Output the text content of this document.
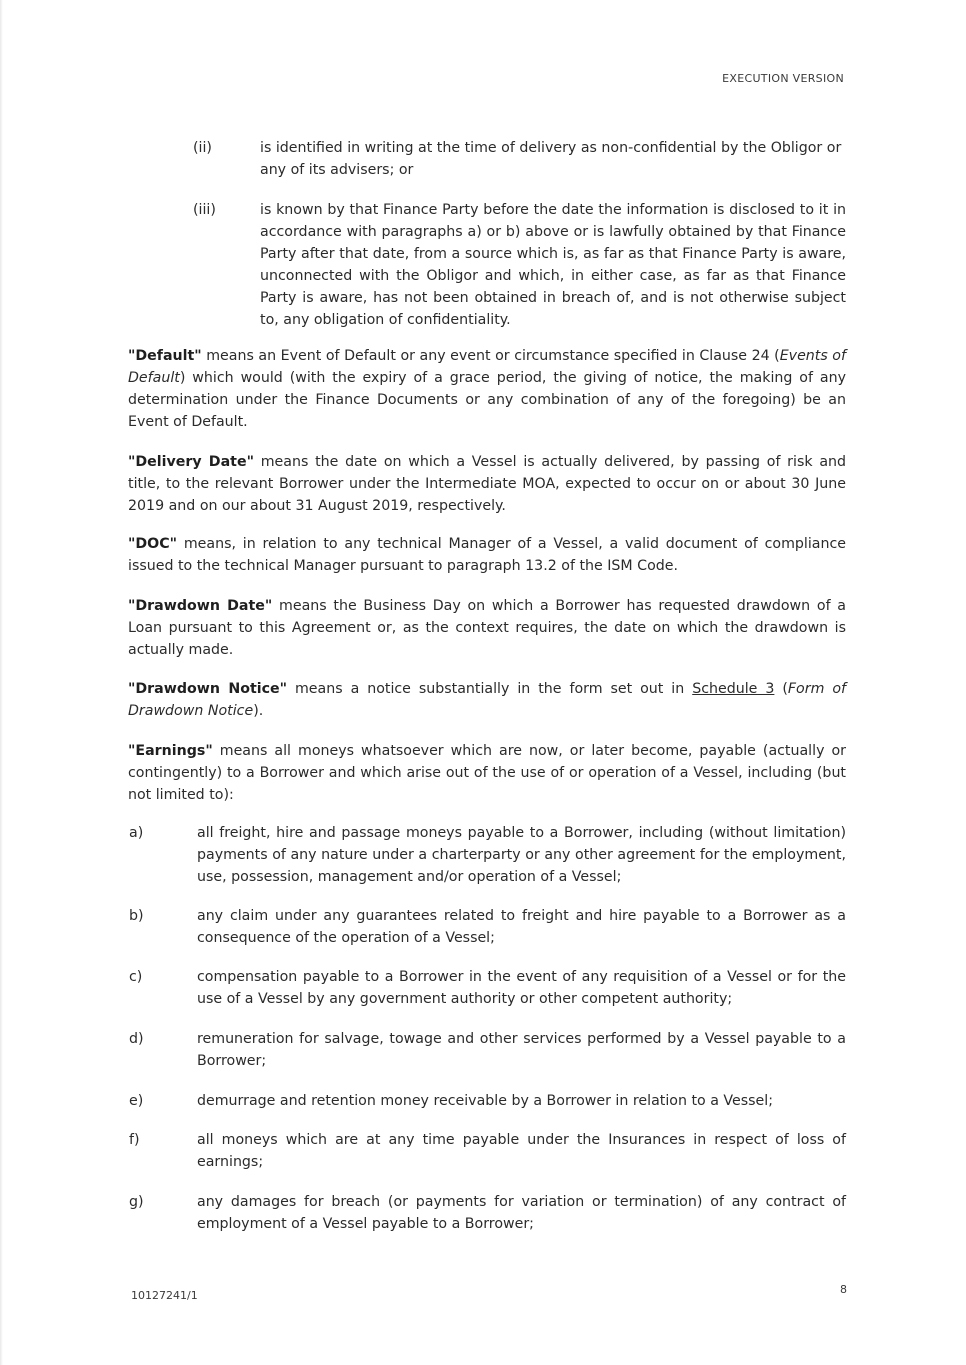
EXECUTION VERSION
(ii)	is identified in writing at the time of delivery as non-confidential by the Obligor or any of its advisers; or
(iii)	is known by that Finance Party before the date the information is disclosed to it in accordance with paragraphs a) or b) above or is lawfully obtained by that Finance Party after that date, from a source which is, as far as that Finance Party is aware, unconnected with the Obligor and which, in either case, as far as that Finance Party is aware, has not been obtained in breach of, and is not otherwise subject to, any obligation of confidentiality.
"Default" means an Event of Default or any event or circumstance specified in Clause 24 (Events of Default) which would (with the expiry of a grace period, the giving of notice, the making of any determination under the Finance Documents or any combination of any of the foregoing) be an Event of Default.
"Delivery Date" means the date on which a Vessel is actually delivered, by passing of risk and title, to the relevant Borrower under the Intermediate MOA, expected to occur on or about 30 June 2019 and on our about 31 August 2019, respectively.
"DOC" means, in relation to any technical Manager of a Vessel, a valid document of compliance issued to the technical Manager pursuant to paragraph 13.2 of the ISM Code.
"Drawdown Date" means the Business Day on which a Borrower has requested drawdown of a Loan pursuant to this Agreement or, as the context requires, the date on which the drawdown is actually made.
"Drawdown Notice" means a notice substantially in the form set out in Schedule 3 (Form of Drawdown Notice).
"Earnings" means all moneys whatsoever which are now, or later become, payable (actually or contingently) to a Borrower and which arise out of the use of or operation of a Vessel, including (but not limited to):
a)	all freight, hire and passage moneys payable to a Borrower, including (without limitation) payments of any nature under a charterparty or any other agreement for the employment, use, possession, management and/or operation of a Vessel;
b)	any claim under any guarantees related to freight and hire payable to a Borrower as a consequence of the operation of a Vessel;
c)	compensation payable to a Borrower in the event of any requisition of a Vessel or for the use of a Vessel by any government authority or other competent authority;
d)	remuneration for salvage, towage and other services performed by a Vessel payable to a Borrower;
e)	demurrage and retention money receivable by a Borrower in relation to a Vessel;
f)	all moneys which are at any time payable under the Insurances in respect of loss of earnings;
g)	any damages for breach (or payments for variation or termination) of any contract of employment of a Vessel payable to a Borrower;
10127241/1	8
